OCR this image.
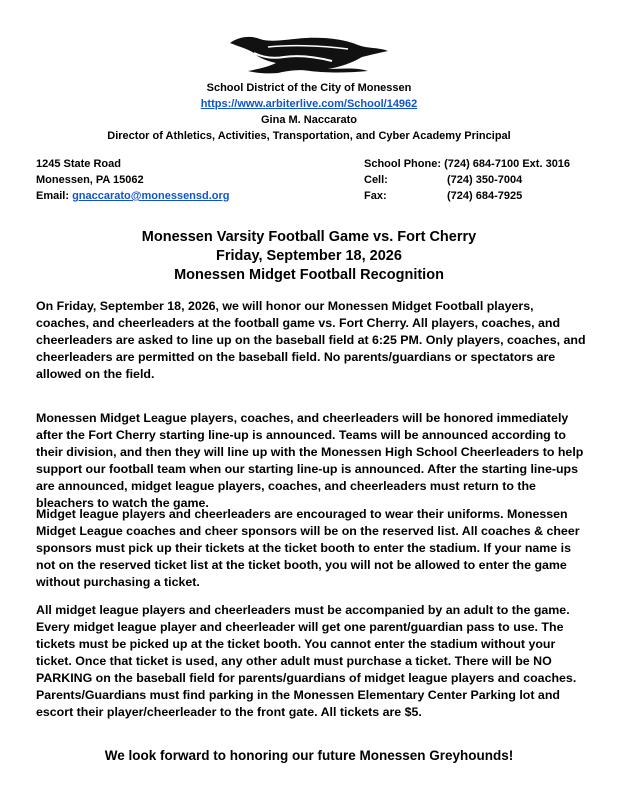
School District of the City of Monessen
https://www.arbiterlive.com/School/14962
Gina M. Naccarato
Director of Athletics, Activities, Transportation, and Cyber Academy Principal
1245 State Road
Monessen, PA 15062
Email: gnaccarato@monessensd.org
School Phone: (724) 684-7100 Ext. 3016
Cell:	(724) 350-7004
Fax:	(724) 684-7925
Monessen Varsity Football Game vs. Fort Cherry
Friday, September 18, 2026
Monessen Midget Football Recognition
On Friday, September 18, 2026, we will honor our Monessen Midget Football players, coaches, and cheerleaders at the football game vs. Fort Cherry. All players, coaches, and cheerleaders are asked to line up on the baseball field at 6:25 PM. Only players, coaches, and cheerleaders are permitted on the baseball field. No parents/guardians or spectators are allowed on the field.
Monessen Midget League players, coaches, and cheerleaders will be honored immediately after the Fort Cherry starting line-up is announced. Teams will be announced according to their division, and then they will line up with the Monessen High School Cheerleaders to help support our football team when our starting line-up is announced. After the starting line-ups are announced, midget league players, coaches, and cheerleaders must return to the bleachers to watch the game.
Midget league players and cheerleaders are encouraged to wear their uniforms. Monessen Midget League coaches and cheer sponsors will be on the reserved list. All coaches & cheer sponsors must pick up their tickets at the ticket booth to enter the stadium. If your name is not on the reserved ticket list at the ticket booth, you will not be allowed to enter the game without purchasing a ticket.
All midget league players and cheerleaders must be accompanied by an adult to the game. Every midget league player and cheerleader will get one parent/guardian pass to use. The tickets must be picked up at the ticket booth. You cannot enter the stadium without your ticket. Once that ticket is used, any other adult must purchase a ticket. There will be NO PARKING on the baseball field for parents/guardians of midget league players and coaches. Parents/Guardians must find parking in the Monessen Elementary Center Parking lot and escort their player/cheerleader to the front gate. All tickets are $5.
We look forward to honoring our future Monessen Greyhounds!
